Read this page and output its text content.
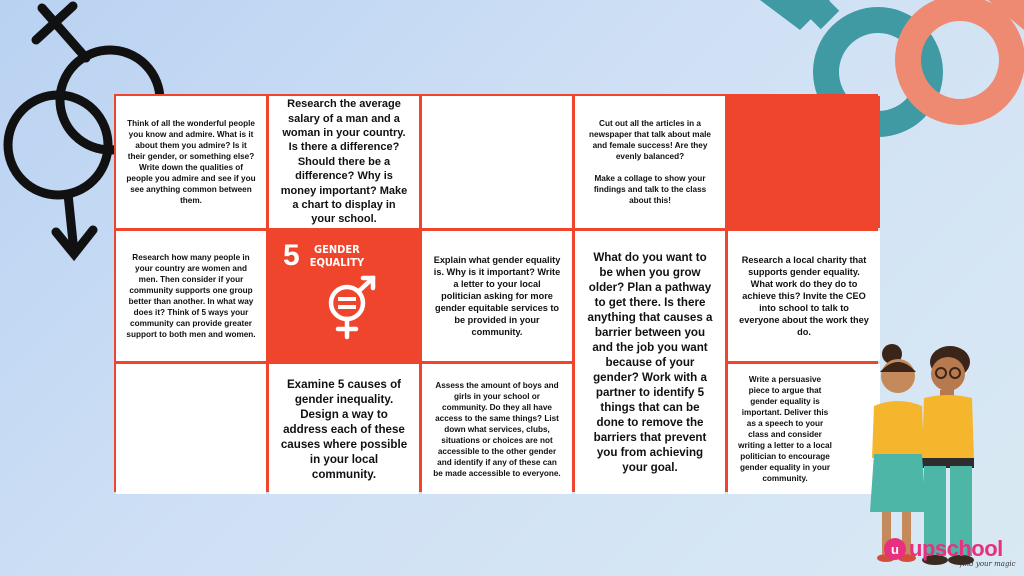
Think of all the wonderful people you know and admire. What is it about them you admire? Is it their gender, or something else? Write down the qualities of people you admire and see if you see anything common between them.
Research the average salary of a man and a woman in your country. Is there a difference? Should there be a difference? Why is money important? Make a chart to display in your school.
Cut out all the articles in a newspaper that talk about male and female success! Are they evenly balanced?
Make a collage to show your findings and talk to the class about this!
Research how many people in your country are women and men. Then consider if your community supports one group better than another. In what way does it? Think of 5 ways your community can provide greater support to both men and women.
5	GENDER
EQUALITY	Explain what gender equality is. Why is it important? Write a letter to your local politician asking for more gender equitable services to be provided in your community.
What do you want to be when you grow older? Plan a pathway to get there. Is there anything that causes a barrier between you and the job you want because of your gender? Work with a partner to identify 5 things that can be done to remove the barriers that prevent you from achieving your goal.
Research a local charity that supports gender equality. What work do they do to achieve this? Invite the CEO into school to talk to everyone about the work they do.
Examine 5 causes of gender inequality. Design a way to address each of these causes where possible in your local community.
Assess the amount of boys and girls in your school or community. Do they all have access to the same things? List down what services, clubs, situations or choices are not accessible to the other gender and identify if any of these can be made accessible to everyone.
Write a persuasive piece to argue that gender equality is important. Deliver this as a speech to your class and consider writing a letter to a local politician to encourage gender equality in your community.
u upschool
find your magic
